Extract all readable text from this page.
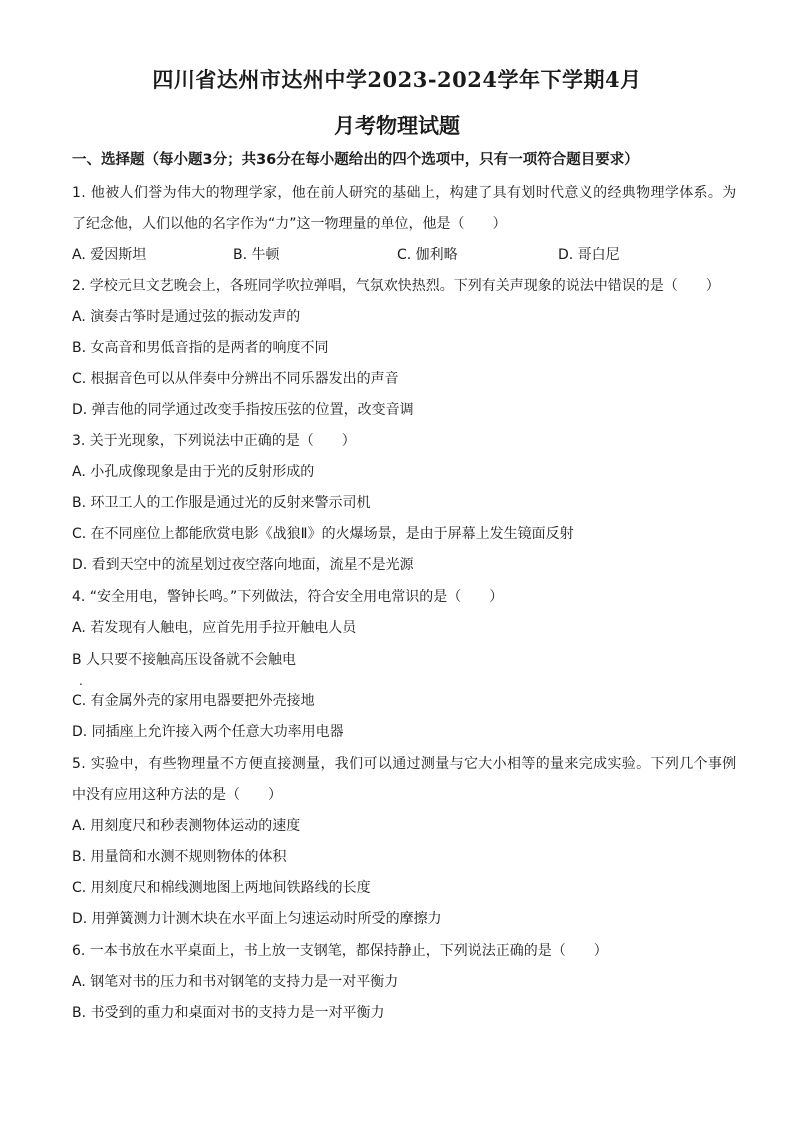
四川省达州市达州中学2023-2024学年下学期4月
月考物理试题
一、选择题（每小题3分；共36分在每小题给出的四个选项中，只有一项符合题目要求）
1. 他被人们誉为伟大的物理学家，他在前人研究的基础上，构建了具有划时代意义的经典物理学体系。为
了纪念他，人们以他的名字作为“力”这一物理量的单位，他是（　　）
A. 爱因斯坦	B. 牛顿	C. 伽利略	D. 哥白尼
2. 学校元旦文艺晚会上，各班同学吹拉弹唱，气氛欢快热烈。下列有关声现象的说法中错误的是（　　）
A. 演奏古筝时是通过弦的振动发声的
B. 女高音和男低音指的是两者的响度不同
C. 根据音色可以从伴奏中分辨出不同乐器发出的声音
D. 弹吉他的同学通过改变手指按压弦的位置，改变音调
3. 关于光现象，下列说法中正确的是（　　）
A. 小孔成像现象是由于光的反射形成的
B. 环卫工人的工作服是通过光的反射来警示司机
C. 在不同座位上都能欣赏电影《战狼Ⅱ》的火爆场景，是由于屏幕上发生镜面反射
D. 看到天空中的流星划过夜空落向地面，流星不是光源
4. “安全用电，警钟长鸣。”下列做法，符合安全用电常识的是（　　）
A. 若发现有人触电，应首先用手拉开触电人员
B 人只要不接触高压设备就不会触电
.
C. 有金属外壳的家用电器要把外壳接地
D. 同插座上允许接入两个任意大功率用电器
5. 实验中，有些物理量不方便直接测量，我们可以通过测量与它大小相等的量来完成实验。下列几个事例
中没有应用这种方法的是（　　）
A. 用刻度尺和秒表测物体运动的速度
B. 用量筒和水测不规则物体的体积
C. 用刻度尺和棉线测地图上两地间铁路线的长度
D. 用弹簧测力计测木块在水平面上匀速运动时所受的摩擦力
6. 一本书放在水平桌面上，书上放一支钢笔，都保持静止，下列说法正确的是（　　）
A. 钢笔对书的压力和书对钢笔的支持力是一对平衡力
B. 书受到的重力和桌面对书的支持力是一对平衡力
